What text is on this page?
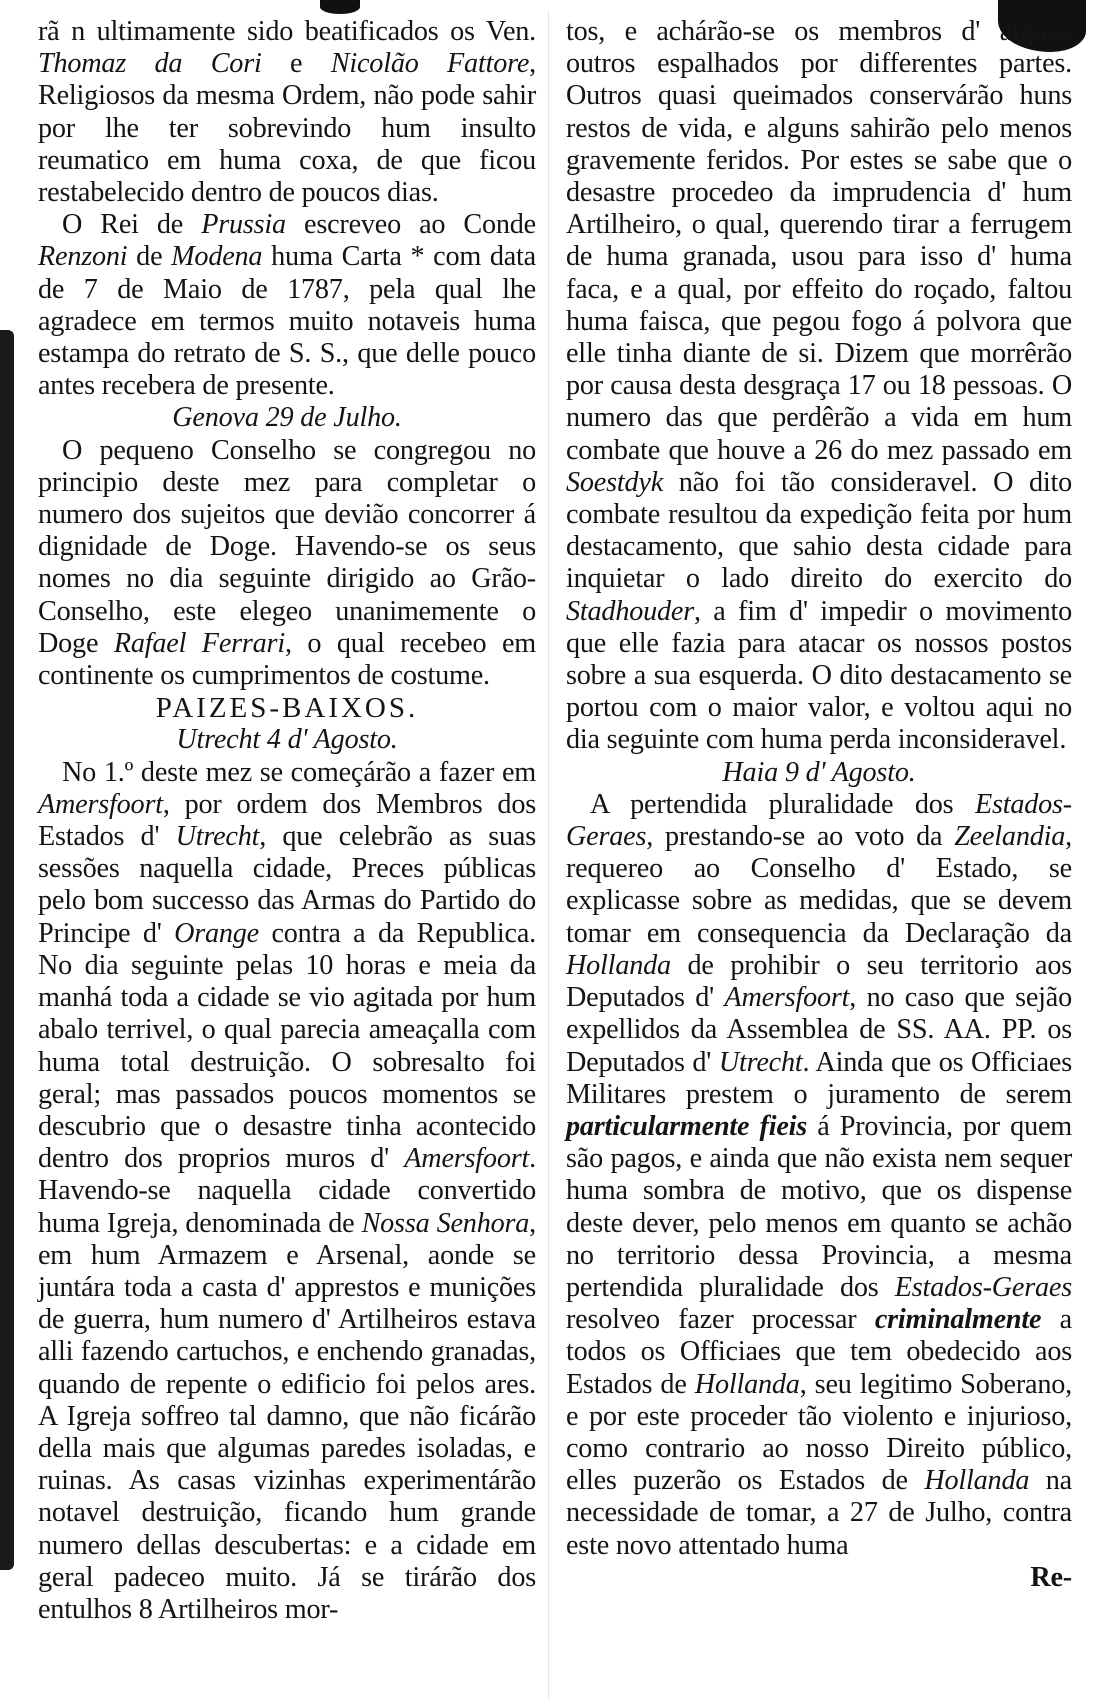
rã n ultimamente sido beatificados os Ven. Thomaz da Cori e Nicolão Fattore, Religiosos da mesma Ordem, não pode sahir por lhe ter sobrevindo hum insulto reumatico em huma coxa, de que ficou restabelecido dentro de poucos dias.

O Rei de Prussia escreveo ao Conde Renzoni de Modena huma Carta * com data de 7 de Maio de 1787, pela qual lhe agradece em termos muito notaveis huma estampa do retrato de S. S., que delle pouco antes recebera de presente.

Genova 29 de Julho.

O pequeno Conselho se congregou no principio deste mez para completar o numero dos sujeitos que devião concorrer á dignidade de Doge. Havendo-se os seus nomes no dia seguinte dirigido ao Grão-Conselho, este elegeo unanimemente o Doge Rafael Ferrari, o qual recebeo em continente os cumprimentos de costume.

PAIZES-BAIXOS.

Utrecht 4 d' Agosto.

No 1.º deste mez se começárão a fazer em Amersfoort, por ordem dos Membros dos Estados d' Utrecht, que celebrão as suas sessões naquella cidade, Preces públicas pelo bom successo das Armas do Partido do Principe d' Orange contra a da Republica. No dia seguinte pelas 10 horas e meia da manhá toda a cidade se vio agitada por hum abalo terrivel, o qual parecia ameaçalla com huma total destruição. O sobresalto foi geral; mas passados poucos momentos se descubrio que o desastre tinha acontecido dentro dos proprios muros d' Amersfoort. Havendo-se naquella cidade convertido huma Igreja, denominada de Nossa Senhora, em hum Armazem e Arsenal, aonde se juntára toda a casta d' apprestos e munições de guerra, hum numero d' Artilheiros estava alli fazendo cartuchos, e enchendo granadas, quando de repente o edificio foi pelos ares. A Igreja soffreo tal damno, que não ficárão della mais que algumas paredes isoladas, e ruinas. As casas vizinhas experimentárão notavel destruição, ficando hum grande numero dellas descubertas: e a cidade em geral padeceo muito. Já se tirárão dos entulhos 8 Artilheiros mor-

tos, e achárão-se os membros d' alguns outros espalhados por differentes partes. Outros quasi queimados conservárão huns restos de vida, e alguns sahirão pelo menos gravemente feridos. Por estes se sabe que o desastre procedeo da imprudencia d' hum Artilheiro, o qual, querendo tirar a ferrugem de huma granada, usou para isso d' huma faca, e a qual, por effeito do roçado, faltou huma faisca, que pegou fogo á polvora que elle tinha diante de si. Dizem que morrêrão por causa desta desgraça 17 ou 18 pessoas. O numero das que perdêrão a vida em hum combate que houve a 26 do mez passado em Soestdyk não foi tão consideravel. O dito combate resultou da expedição feita por hum destacamento, que sahio desta cidade para inquietar o lado direito do exercito do Stadhouder, a fim d' impedir o movimento que elle fazia para atacar os nossos postos sobre a sua esquerda. O dito destacamento se portou com o maior valor, e voltou aqui no dia seguinte com huma perda inconsideravel.

Haia 9 d' Agosto.

A pertendida pluralidade dos Estados-Geraes, prestando-se ao voto da Zeelandia, requereo ao Conselho d' Estado, se explicasse sobre as medidas, que se devem tomar em consequencia da Declaração da Hollanda de prohibir o seu territorio aos Deputados d' Amersfoort, no caso que sejão expellidos da Assemblea de SS. AA. PP. os Deputados d' Utrecht. Ainda que os Officiaes Militares prestem o juramento de serem particularmente fieis á Provincia, por quem são pagos, e ainda que não exista nem sequer huma sombra de motivo, que os dispense deste dever, pelo menos em quanto se achão no territorio dessa Provincia, a mesma pertendida pluralidade dos Estados-Geraes resolveo fazer processar criminalmente a todos os Officiaes que tem obedecido aos Estados de Hollanda, seu legitimo Soberano, e por este proceder tão violento e injurioso, como contrario ao nosso Direito público, elles puzerão os Estados de Hollanda na necessidade de tomar, a 27 de Julho, contra este novo attentado huma

Re-
